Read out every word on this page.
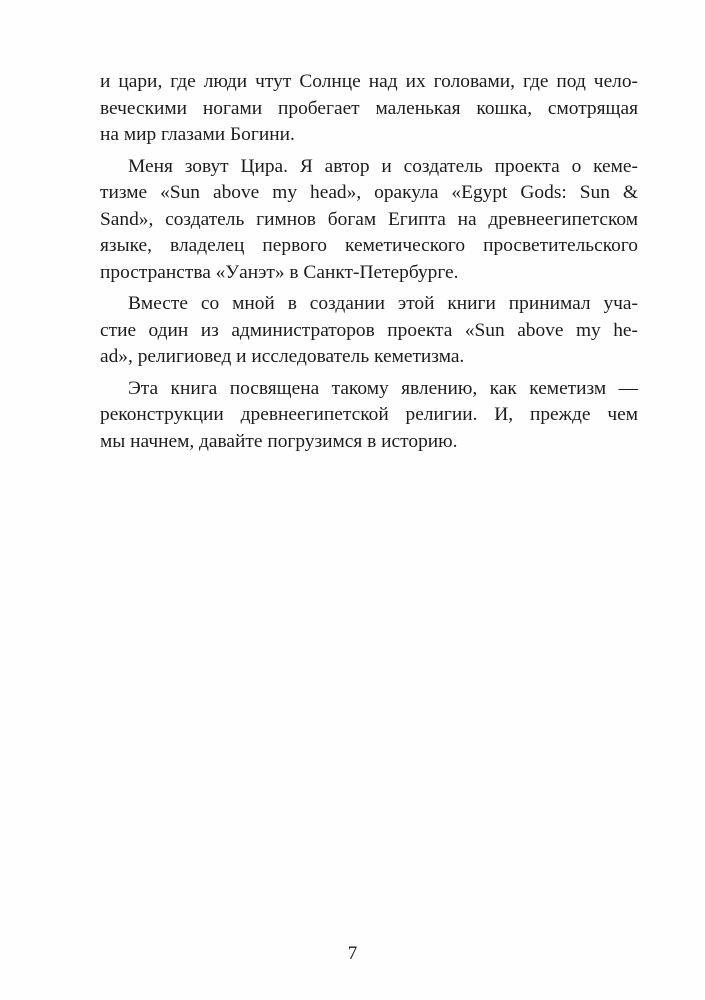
и цари, где люди чтут Солнце над их головами, где под чело-
веческими ногами пробегает маленькая кошка, смотрящая
на мир глазами Богини.
Меня зовут Цира. Я автор и создатель проекта о кеме-
тизме «Sun above my head», оракула «Egypt Gods: Sun &
Sand», создатель гимнов богам Египта на древнеегипетском
языке, владелец первого кеметического просветительского
пространства «Уанэт» в Санкт-Петербурге.
Вместе со мной в создании этой книги принимал уча-
стие один из администраторов проекта «Sun above my he-
ad», религиовед и исследователь кеметизма.
Эта книга посвящена такому явлению, как кеметизм —
реконструкции древнеегипетской религии. И, прежде чем
мы начнем, давайте погрузимся в историю.
7
